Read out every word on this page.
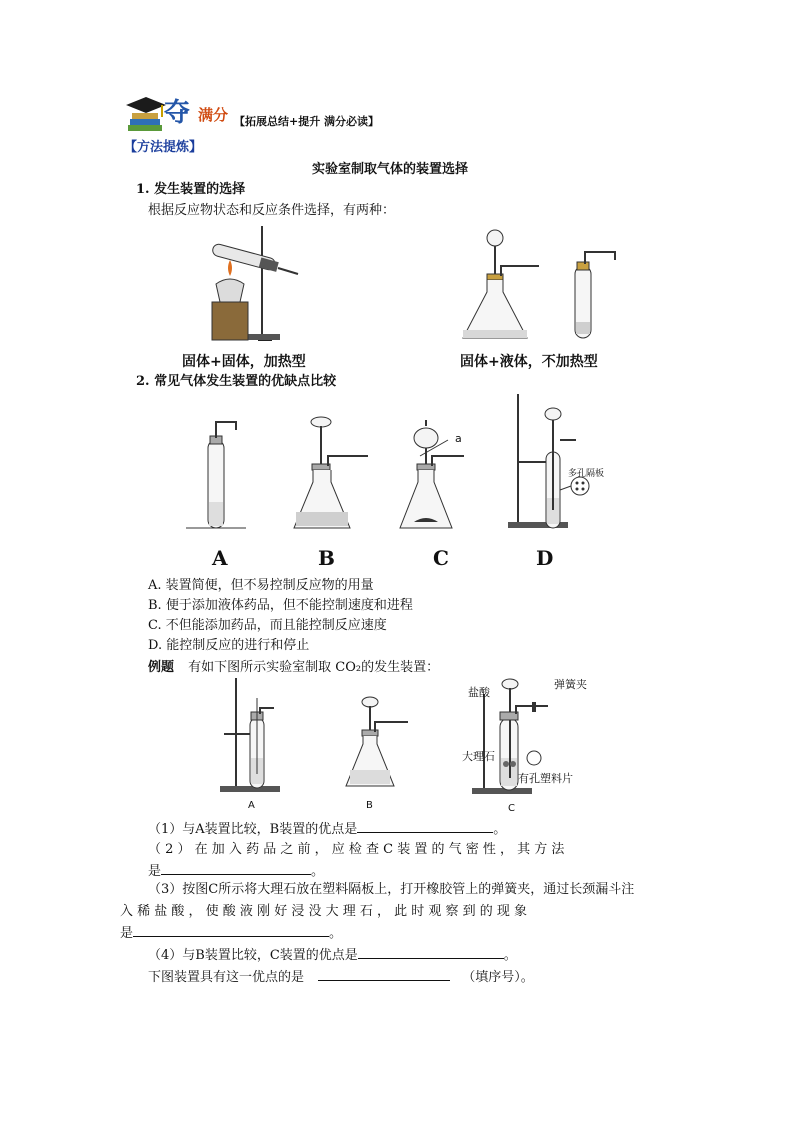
夺 满分 【拓展总结+提升 满分必读】
【方法提炼】
实验室制取气体的装置选择
1. 发生装置的选择
根据反应物状态和反应条件选择，有两种：
固体+固体，加热型	固体+液体，不加热型
2. 常见气体发生装置的优缺点比较
a
多孔隔板
A	B	C	D
A. 装置简便，但不易控制反应物的用量
B. 便于添加液体药品，但不能控制速度和进程
C. 不但能添加药品，而且能控制反应速度
D. 能控制反应的进行和停止
例题 有如下图所示实验室制取 CO₂的发生装置：
A	B	C
盐酸
弹簧夹
大理石
有孔塑料片
（1）与A装置比较，B装置的优点是	。
（ 2 ） 在 加 入 药 品 之 前 ， 应 检 查 C 装 置 的 气 密 性 ， 其 方 法
是	。
（3）按图C所示将大理石放在塑料隔板上，打开橡胶管上的弹簧夹，通过长颈漏斗注
入 稀 盐 酸 ， 使 酸 液 刚 好 浸 没 大 理 石 ， 此 时 观 察 到 的 现 象
是	。
（4）与B装置比较，C装置的优点是	。
下图装置具有这一优点的是	（填序号）。
